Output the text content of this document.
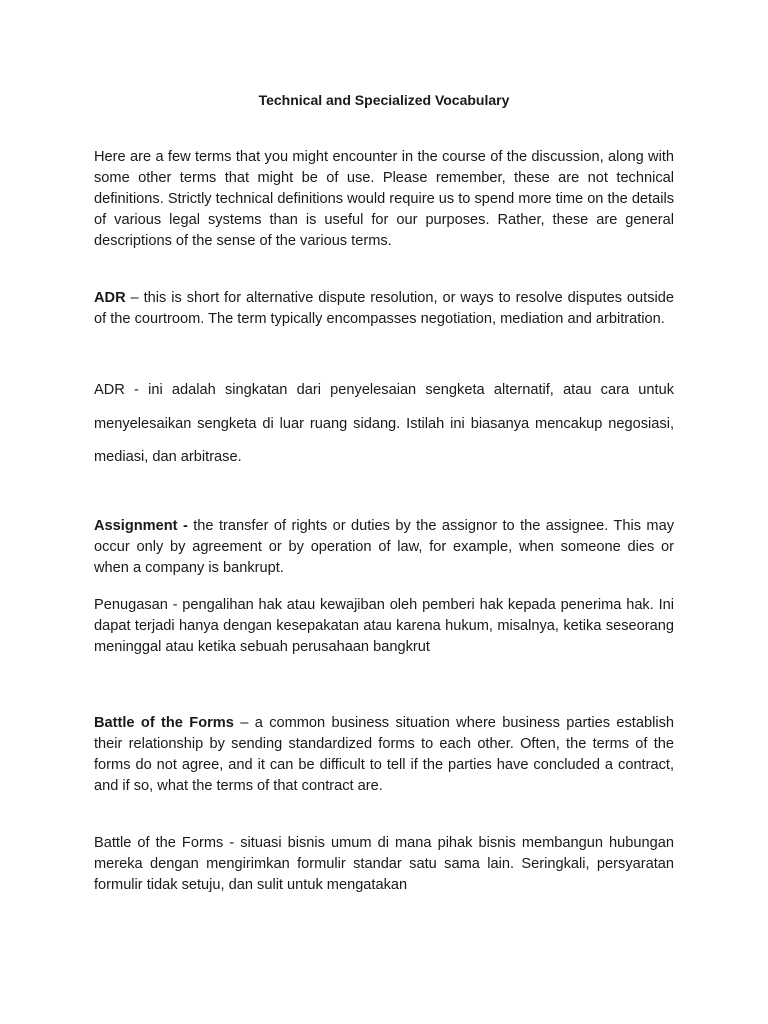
Technical and Specialized Vocabulary

Here are a few terms that you might encounter in the course of the discussion, along with some other terms that might be of use. Please remember, these are not technical definitions. Strictly technical definitions would require us to spend more time on the details of various legal systems than is useful for our purposes. Rather, these are general descriptions of the sense of the various terms.

ADR – this is short for alternative dispute resolution, or ways to resolve disputes outside of the courtroom. The term typically encompasses negotiation, mediation and arbitration.

ADR - ini adalah singkatan dari penyelesaian sengketa alternatif, atau cara untuk menyelesaikan sengketa di luar ruang sidang. Istilah ini biasanya mencakup negosiasi, mediasi, dan arbitrase.

Assignment - the transfer of rights or duties by the assignor to the assignee. This may occur only by agreement or by operation of law, for example, when someone dies or when a company is bankrupt.

Penugasan - pengalihan hak atau kewajiban oleh pemberi hak kepada penerima hak. Ini dapat terjadi hanya dengan kesepakatan atau karena hukum, misalnya, ketika seseorang meninggal atau ketika sebuah perusahaan bangkrut

Battle of the Forms – a common business situation where business parties establish their relationship by sending standardized forms to each other. Often, the terms of the forms do not agree, and it can be difficult to tell if the parties have concluded a contract, and if so, what the terms of that contract are.

Battle of the Forms - situasi bisnis umum di mana pihak bisnis membangun hubungan mereka dengan mengirimkan formulir standar satu sama lain. Seringkali, persyaratan formulir tidak setuju, dan sulit untuk mengatakan
